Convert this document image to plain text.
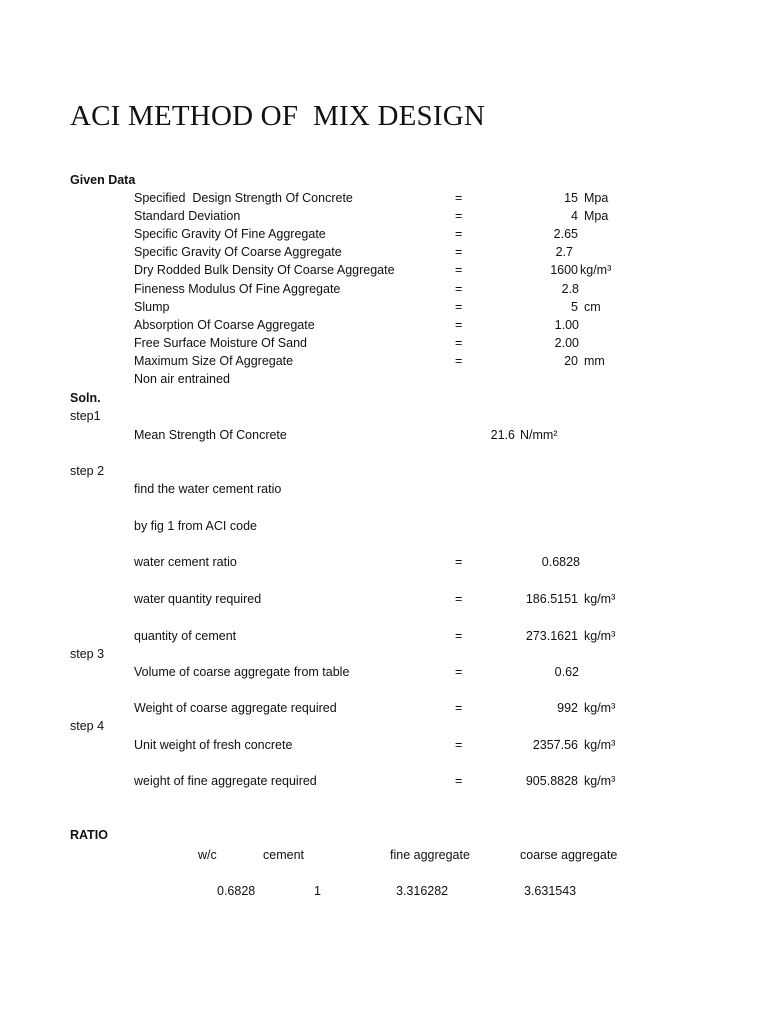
ACI METHOD OF  MIX DESIGN
Given Data
Specified  Design Strength Of Concrete	=	15 Mpa
Standard Deviation	=	4 Mpa
Specific Gravity Of Fine Aggregate	=	2.65
Specific Gravity Of Coarse Aggregate	=	2.7
Dry Rodded Bulk Density Of Coarse Aggregate	=	1600 kg/m³
Fineness Modulus Of Fine Aggregate	=	2.8
Slump	=	5 cm
Absorption Of Coarse Aggregate	=	1.00
Free Surface Moisture Of Sand	=	2.00
Maximum Size Of Aggregate	=	20 mm
Non air entrained
Soln.
step1
Mean Strength Of Concrete	21.6 N/mm²
step 2
find the water cement ratio
by fig 1 from ACI code
water cement ratio	=	0.6828
water quantity required	=	186.5151 kg/m³
quantity of cement	=	273.1621 kg/m³
step 3
Volume of coarse aggregate from table	=	0.62
Weight of coarse aggregate required	=	992 kg/m³
step 4
Unit weight of fresh concrete	=	2357.56 kg/m³
weight of fine aggregate required	=	905.8828 kg/m³
RATIO
w/c	cement	fine aggregate	coarse aggregate
0.6828	1	3.316282	3.631543
